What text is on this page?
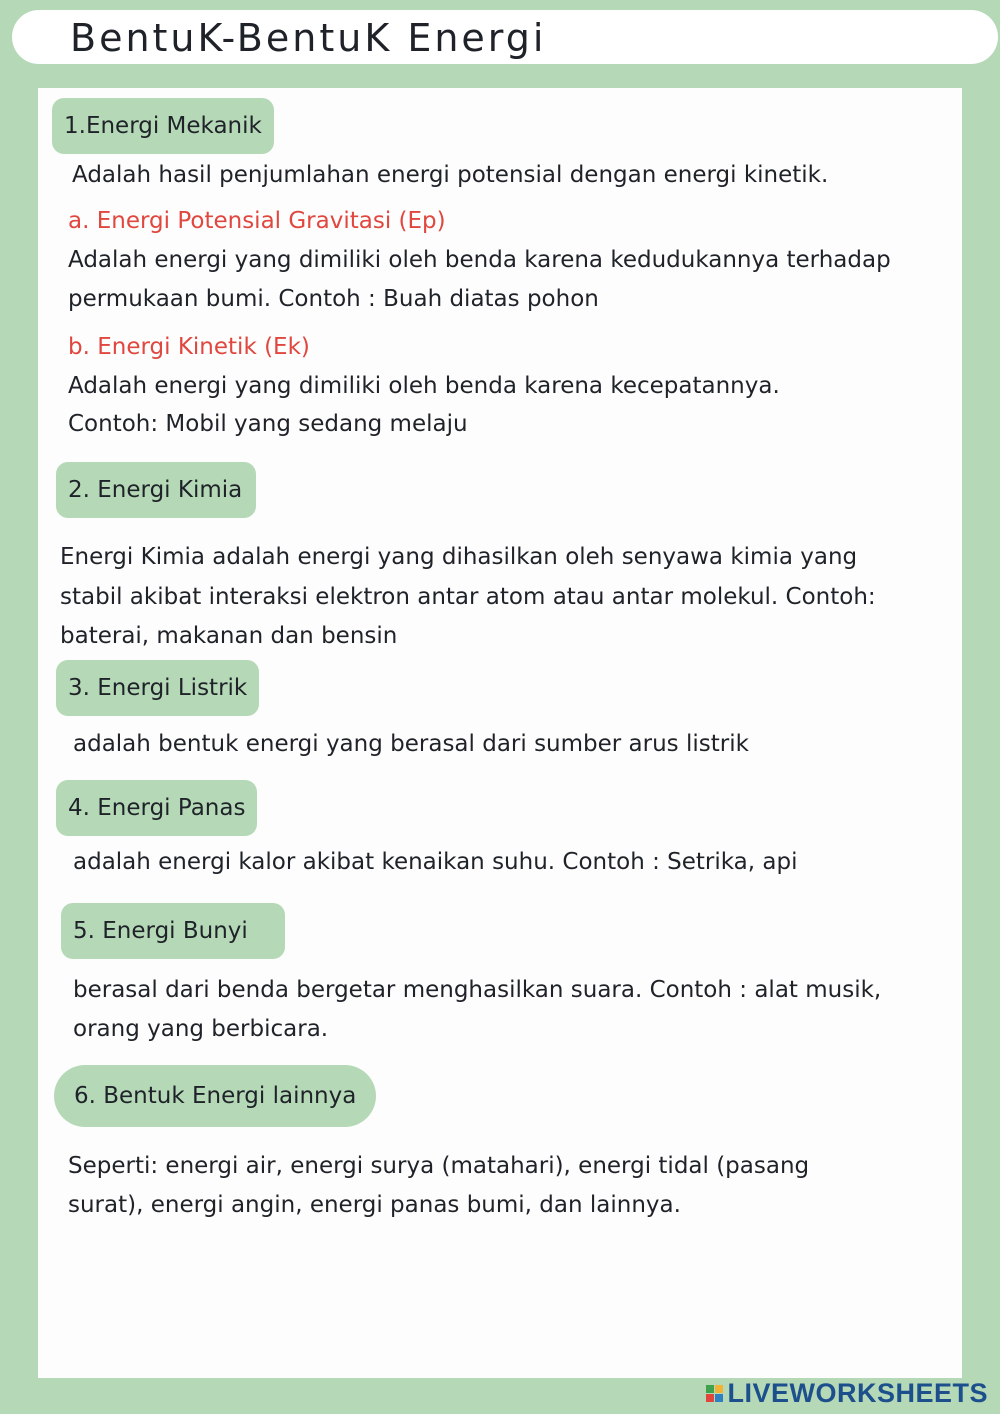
BentuK-BentuK Energi
1.Energi Mekanik
Adalah hasil penjumlahan energi potensial dengan energi kinetik.
a. Energi Potensial Gravitasi (Ep)
Adalah energi yang dimiliki oleh benda karena kedudukannya terhadap
permukaan bumi. Contoh : Buah diatas pohon
b. Energi Kinetik (Ek)
Adalah energi yang dimiliki oleh benda karena kecepatannya.
Contoh: Mobil yang sedang melaju
2. Energi Kimia
Energi Kimia adalah energi yang dihasilkan oleh senyawa kimia yang
stabil akibat interaksi elektron antar atom atau antar molekul. Contoh:
baterai, makanan dan bensin
3. Energi Listrik
adalah bentuk energi yang berasal dari sumber arus listrik
4. Energi Panas
adalah energi kalor akibat kenaikan suhu. Contoh : Setrika, api
5. Energi Bunyi
berasal dari benda bergetar menghasilkan suara. Contoh : alat musik,
orang yang berbicara.
6. Bentuk Energi lainnya
Seperti: energi air, energi surya (matahari), energi tidal (pasang
surat), energi angin, energi panas bumi, dan lainnya.
LIVEWORKSHEETS
